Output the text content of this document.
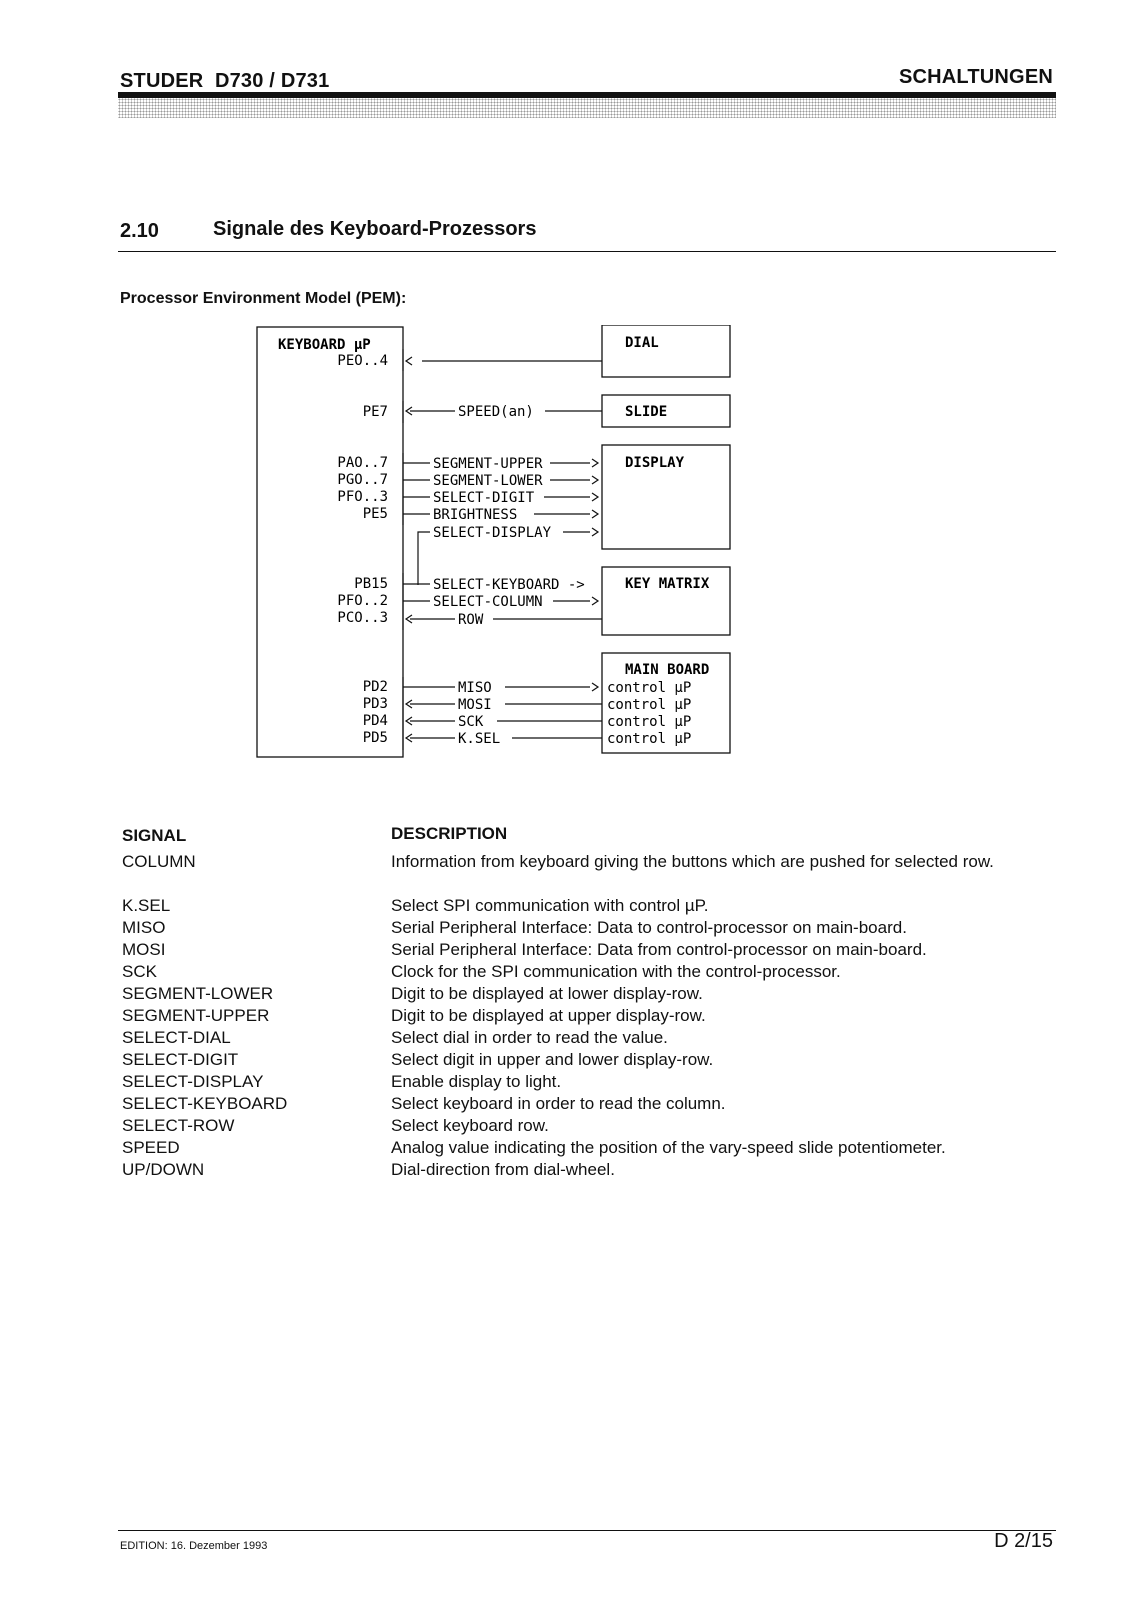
STUDER  D730 / D731	SCHALTUNGEN
2.10	Signale des Keyboard-Prozessors
Processor Environment Model (PEM):
KEYBOARD µP
PEO..4
PE7
PAO..7
PGO..7
PFO..3
PE5
PB15
PFO..2
PCO..3
PD2
PD3
PD4
PD5
SPEED(an)
SEGMENT-UPPER
SEGMENT-LOWER
SELECT-DIGIT
BRIGHTNESS
SELECT-DISPLAY
SELECT-KEYBOARD ->
SELECT-COLUMN
ROW
MISO
MOSI
SCK
K.SEL
DIAL
SLIDE
DISPLAY
KEY MATRIX
MAIN BOARD
control µP
control µP
control µP
control µP
SIGNAL	DESCRIPTION
COLUMN	Information from keyboard giving the buttons which are pushed for selected row.
K.SEL	Select SPI communication with control µP.
MISO	Serial Peripheral Interface: Data to control-processor on main-board.
MOSI	Serial Peripheral Interface: Data from control-processor on main-board.
SCK	Clock for the SPI communication with the control-processor.
SEGMENT-LOWER	Digit to be displayed at lower display-row.
SEGMENT-UPPER	Digit to be displayed at upper display-row.
SELECT-DIAL	Select dial in order to read the value.
SELECT-DIGIT	Select digit in upper and lower display-row.
SELECT-DISPLAY	Enable display to light.
SELECT-KEYBOARD	Select keyboard in order to read the column.
SELECT-ROW	Select keyboard row.
SPEED	Analog value indicating the position of the vary-speed slide potentiometer.
UP/DOWN	Dial-direction from dial-wheel.
EDITION: 16. Dezember 1993	D 2/15
